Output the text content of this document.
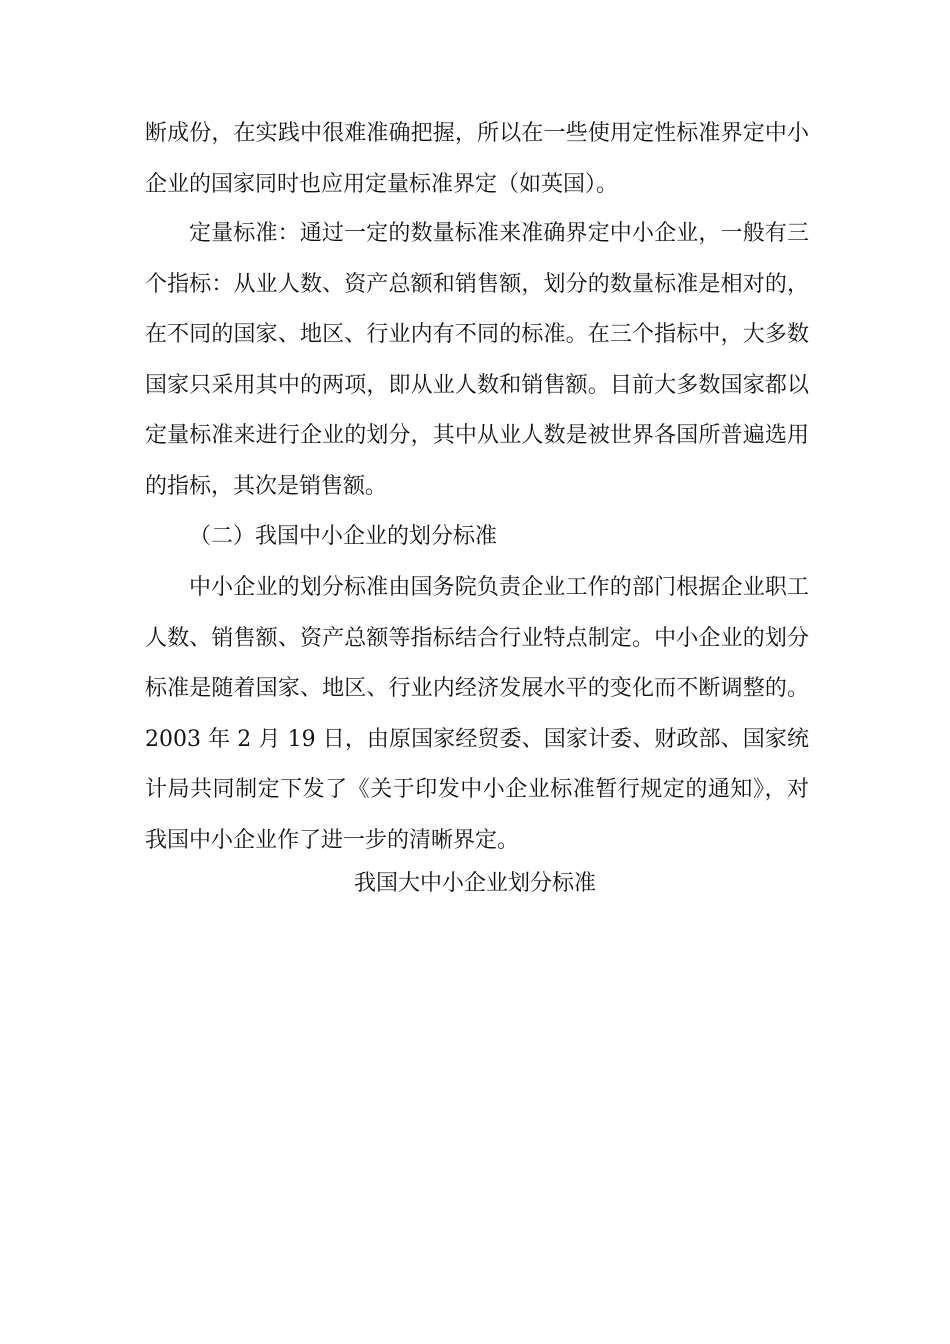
断成份，在实践中很难准确把握，所以在一些使用定性标准界定中小企业的国家同时也应用定量标准界定（如英国）。

定量标准：通过一定的数量标准来准确界定中小企业，一般有三个指标：从业人数、资产总额和销售额，划分的数量标准是相对的，在不同的国家、地区、行业内有不同的标准。在三个指标中，大多数国家只采用其中的两项，即从业人数和销售额。目前大多数国家都以定量标准来进行企业的划分，其中从业人数是被世界各国所普遍选用的指标，其次是销售额。

（二）我国中小企业的划分标准

中小企业的划分标准由国务院负责企业工作的部门根据企业职工人数、销售额、资产总额等指标结合行业特点制定。中小企业的划分标准是随着国家、地区、行业内经济发展水平的变化而不断调整的。2003 年 2 月 19 日，由原国家经贸委、国家计委、财政部、国家统计局共同制定下发了《关于印发中小企业标准暂行规定的通知》，对我国中小企业作了进一步的清晰界定。

我国大中小企业划分标准
